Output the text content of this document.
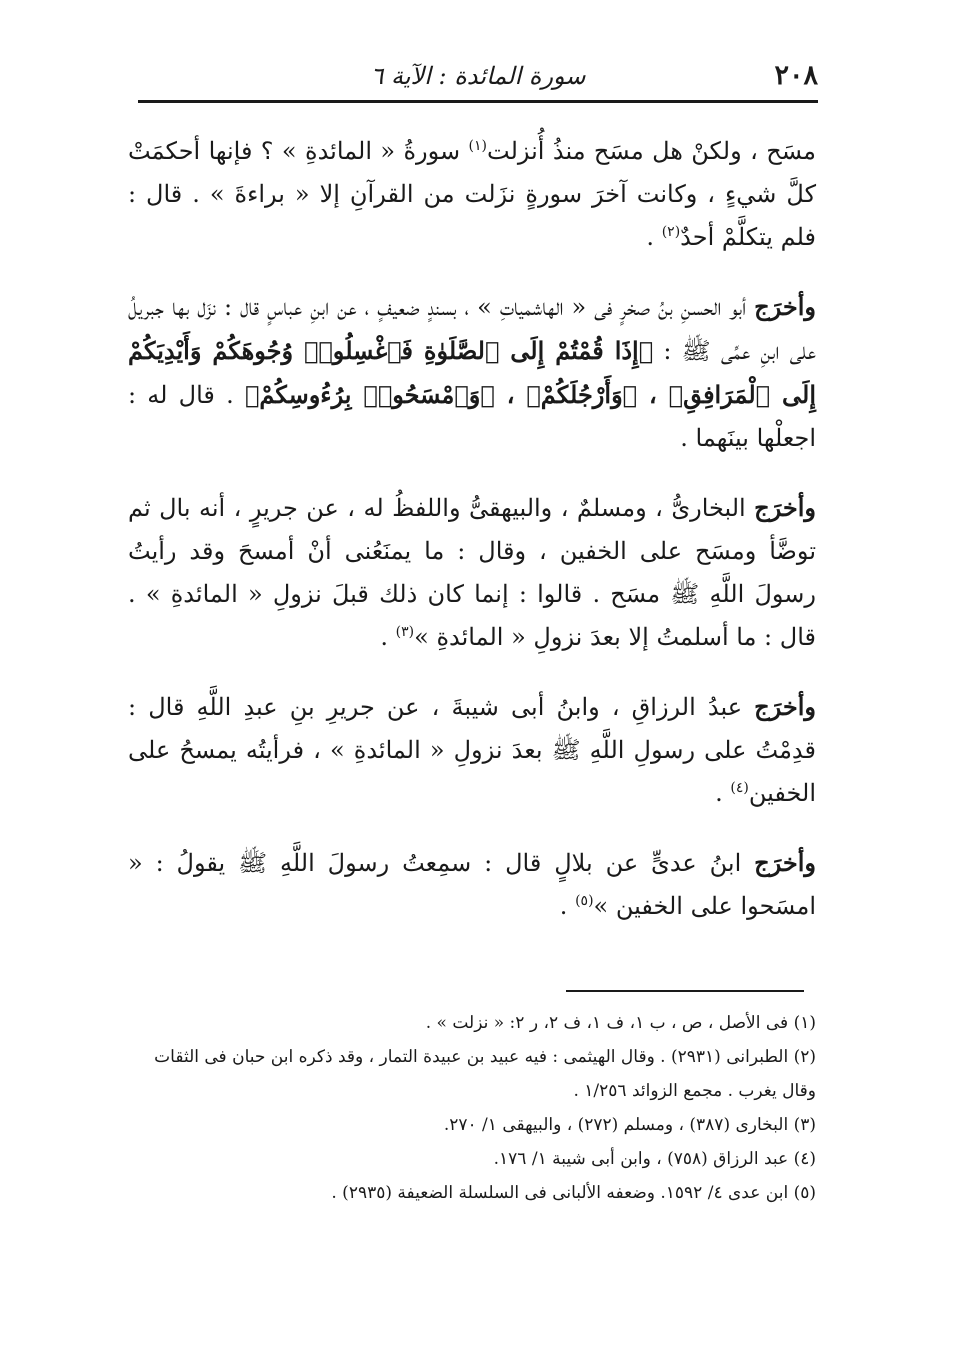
٢٠٨
سورة المائدة : الآية ٦

مسَح ، ولكنْ هل مسَح منذُ أُنزلت$^{(١)}$ سورةُ « المائدةِ » ؟ فإنها أحكمَتْ كلَّ شيءٍ ، وكانت آخرَ سورةٍ نزَلت من القرآنِ إلا « براءةَ » . قال : فلم يتكلَّمْ أحدٌ$^{(٢)}$ .

وأخرَج أبو الحسنِ بنُ صخرٍ فى « الهاشمياتِ » ، بسندٍ ضعيفٍ ، عن ابنِ عباسٍ قال : نزَل بها جبريلُ على ابنِ عمِّى ﷺ : ﴿إِذَا قُمْتُمْ إِلَى ٱلصَّلَوٰةِ فَٱغْسِلُوا۟ وُجُوهَكُمْ وَأَيْدِيَكُمْ إِلَى ٱلْمَرَافِقِ﴾ ، ﴿وَأَرْجُلَكُمْ﴾ ، ﴿وَٱمْسَحُوا۟ بِرُءُوسِكُمْ﴾ . قال له : اجعلْها بينَهما .

وأخرَج البخارىُّ ، ومسلمٌ ، والبيهقىُّ واللفظُ له ، عن جريرٍ ، أنه بال ثم توضَّأ ومسَح على الخفين ، وقال : ما يمنَعُنى أنْ أمسحَ وقد رأيتُ رسولَ اللَّهِ ﷺ مسَح . قالوا : إنما كان ذلك قبلَ نزولِ « المائدةِ » . قال : ما أسلمتُ إلا بعدَ نزولِ « المائدةِ »$^{(٣)}$ .

وأخرَج عبدُ الرزاقِ ، وابنُ أبى شيبةَ ، عن جريرِ بنِ عبدِ اللَّهِ قال : قدِمْتُ على رسولِ اللَّهِ ﷺ بعدَ نزولِ « المائدةِ » ، فرأيتُه يمسحُ على الخفين$^{(٤)}$ .

وأخرَج ابنُ عدىٍّ عن بلالٍ قال : سمِعتُ رسولَ اللَّهِ ﷺ يقولُ : « امسَحوا على الخفين »$^{(٥)}$ .

(١) فى الأصل ، ص ، ب ١، ف ١، ف ٢، ر ٢: « نزلت » .

(٢) الطبرانى (٢٩٣١) . وقال الهيثمى : فيه عبيد بن عبيدة التمار ، وقد ذكره ابن حبان فى الثقات وقال يغرب . مجمع الزوائد ١/٢٥٦ .

(٣) البخارى (٣٨٧) ، ومسلم (٢٧٢) ، والبيهقى ١/ ٢٧٠.

(٤) عبد الرزاق (٧٥٨) ، وابن أبى شيبة ١/ ١٧٦.

(٥) ابن عدى ٤/ ١٥٩٢. وضعفه الألبانى فى السلسلة الضعيفة (٢٩٣٥) .
